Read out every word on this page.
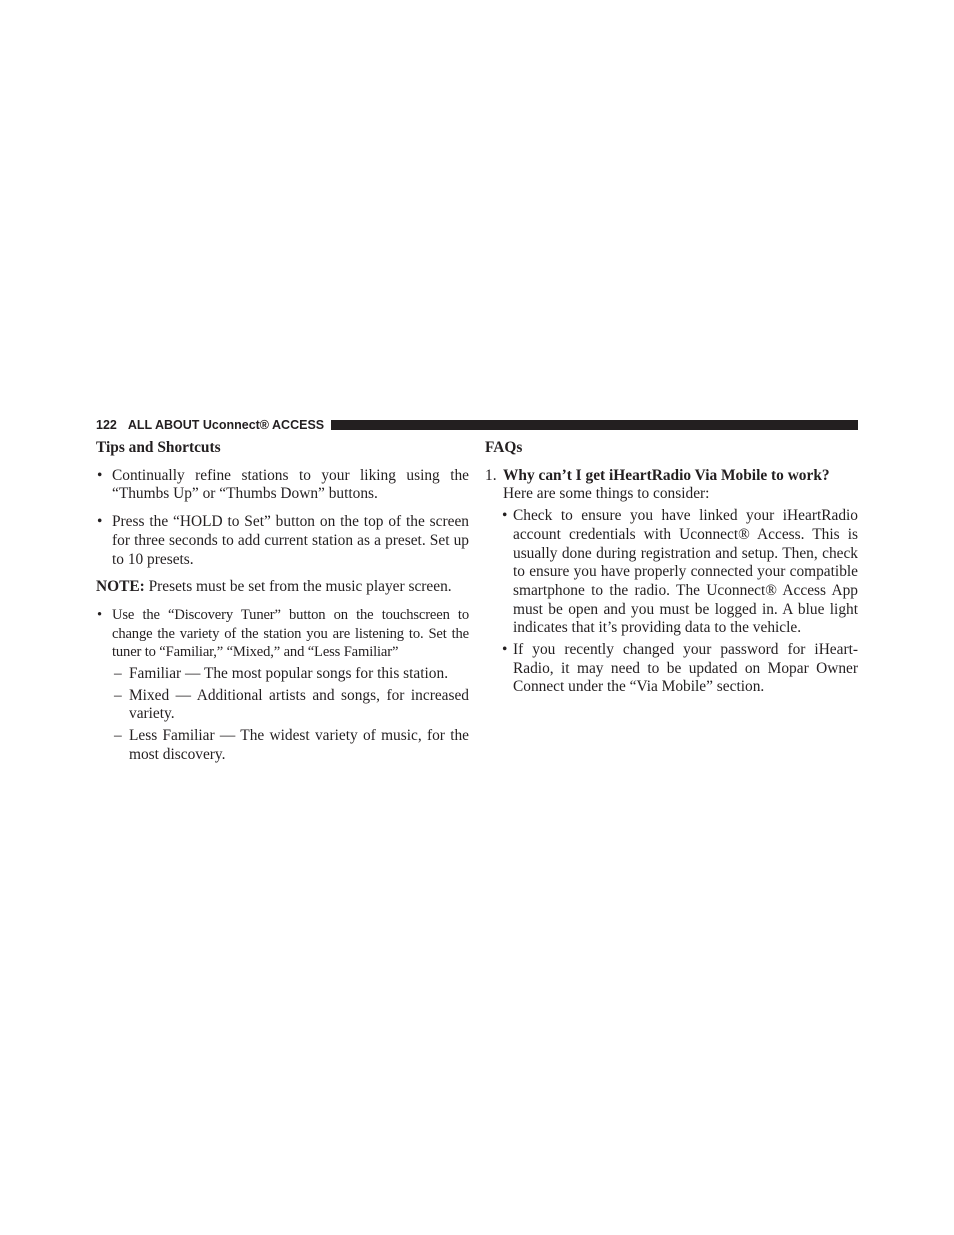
122 ALL ABOUT Uconnect® ACCESS

Tips and Shortcuts

• Continually refine stations to your liking using the “Thumbs Up” or “Thumbs Down” buttons.

• Press the “HOLD to Set” button on the top of the screen for three seconds to add current station as a preset. Set up to 10 presets.

NOTE: Presets must be set from the music player screen.

• Use the “Discovery Tuner” button on the touchscreen to change the variety of the station you are listening to. Set the tuner to “Familiar,” “Mixed,” and “Less Familiar”

– Familiar — The most popular songs for this station.

– Mixed — Additional artists and songs, for increased variety.

– Less Familiar — The widest variety of music, for the most discovery.

FAQs

1. Why can’t I get iHeartRadio Via Mobile to work?

Here are some things to consider:

• Check to ensure you have linked your iHeartRadio account credentials with Uconnect® Access. This is usually done during registration and setup. Then, check to ensure you have properly connected your compatible smartphone to the radio. The Uconnect® Access App must be open and you must be logged in. A blue light indicates that it’s providing data to the vehicle.

• If you recently changed your password for iHeart-Radio, it may need to be updated on Mopar Owner Connect under the “Via Mobile” section.
